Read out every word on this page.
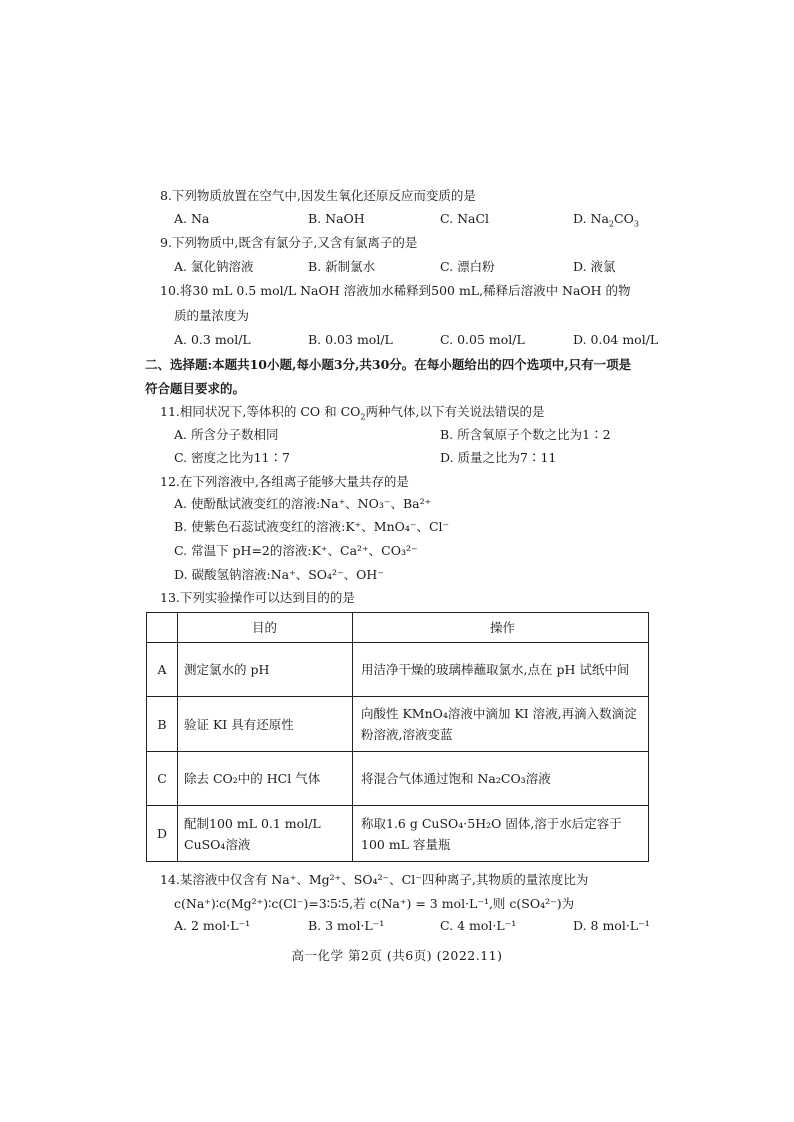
8.下列物质放置在空气中,因发生氧化还原反应而变质的是
A. Na	B. NaOH	C. NaCl	D. $Na_2CO_3$
9.下列物质中,既含有氯分子,又含有氯离子的是
A. 氯化钠溶液	B. 新制氯水	C. 漂白粉	D. 液氯
10.将30 mL 0.5 mol/L NaOH 溶液加水稀释到500 mL,稀释后溶液中 NaOH 的物
质的量浓度为
A. 0.3 mol/L	B. 0.03 mol/L	C. 0.05 mol/L	D. 0.04 mol/L
二、选择题:本题共10小题,每小题3分,共30分。在每小题给出的四个选项中,只有一项是
符合题目要求的。
11.相同状况下,等体积的 CO 和 $CO_2$两种气体,以下有关说法错误的是
A. 所含分子数相同	B. 所含氧原子个数之比为1∶2
C. 密度之比为11∶7	D. 质量之比为7∶11
12.在下列溶液中,各组离子能够大量共存的是
A. 使酚酞试液变红的溶液:Na⁺、NO₃⁻、Ba²⁺
B. 使紫色石蕊试液变红的溶液:K⁺、MnO₄⁻、Cl⁻
C. 常温下 pH=2的溶液:K⁺、Ca²⁺、CO₃²⁻
D. 碳酸氢钠溶液:Na⁺、SO₄²⁻、OH⁻
13.下列实验操作可以达到目的的是
	目的	操作
A	测定氯水的 pH	用洁净干燥的玻璃棒蘸取氯水,点在 pH 试纸中间
B	验证 KI 具有还原性	向酸性 KMnO₄溶液中滴加 KI 溶液,再滴入数滴淀粉溶液,溶液变蓝
C	除去 CO₂中的 HCl 气体	将混合气体通过饱和 Na₂CO₃溶液
D	配制100 mL 0.1 mol/L CuSO₄溶液	称取1.6 g CuSO₄·5H₂O 固体,溶于水后定容于100 mL 容量瓶
14.某溶液中仅含有 Na⁺、Mg²⁺、SO₄²⁻、Cl⁻四种离子,其物质的量浓度比为
c(Na⁺)∶c(Mg²⁺)∶c(Cl⁻)=3∶5∶5,若 c(Na⁺) = 3 mol·L⁻¹,则 c(SO₄²⁻)为
A. 2 mol·L⁻¹	B. 3 mol·L⁻¹	C. 4 mol·L⁻¹	D. 8 mol·L⁻¹
高一化学 第2页 (共6页) (2022.11)
